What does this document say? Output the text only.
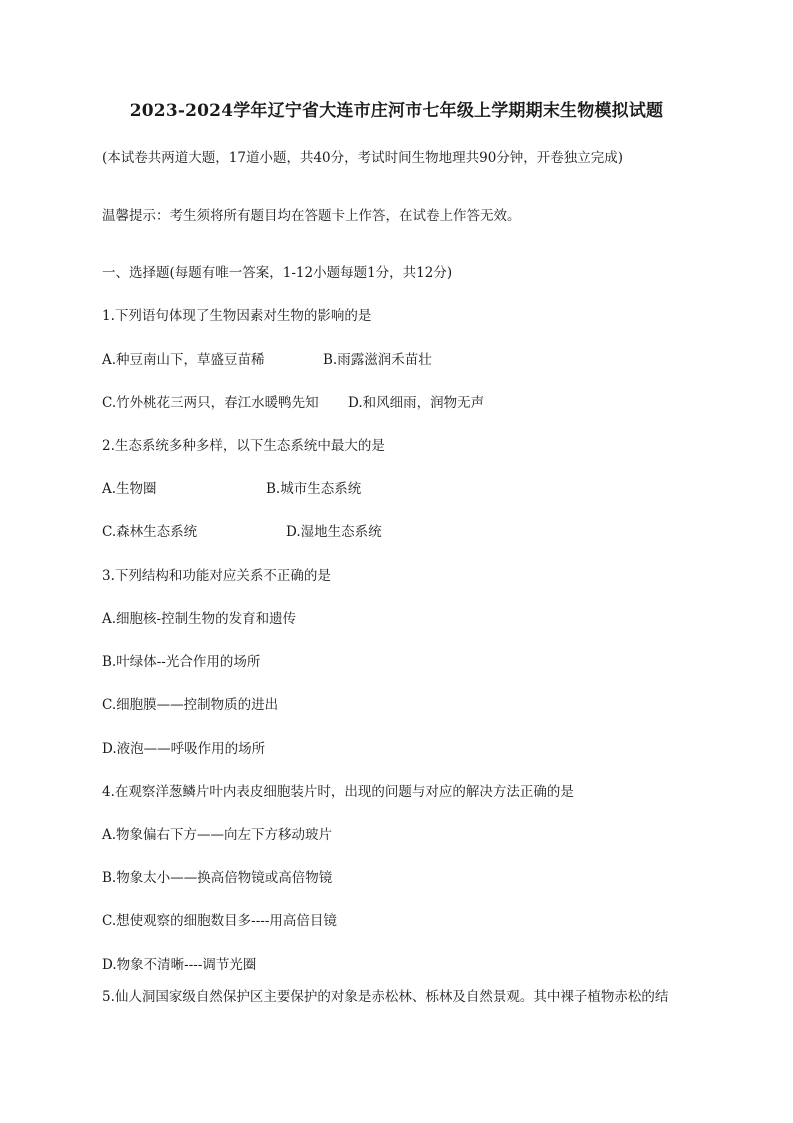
2023-2024学年辽宁省大连市庄河市七年级上学期期末生物模拟试题
(本试卷共两道大题，17道小题，共40分，考试时间生物地理共90分钟，开卷独立完成)
温馨提示：考生须将所有题目均在答题卡上作答，在试卷上作答无效。
一、选择题(每题有唯一答案，1-12小题每题1分，共12分)
1.下列语句体现了生物因素对生物的影响的是
A.种豆南山下，草盛豆苗稀	B.雨露滋润禾苗壮
C.竹外桃花三两只，春江水暖鸭先知 D.和风细雨，润物无声
2.生态系统多种多样，以下生态系统中最大的是
A.生物圈	B.城市生态系统
C.森林生态系统	D.湿地生态系统
3.下列结构和功能对应关系不正确的是
A.细胞核-控制生物的发育和遗传
B.叶绿体--光合作用的场所
C.细胞膜——控制物质的进出
D.液泡——呼吸作用的场所
4.在观察洋葱鳞片叶内表皮细胞装片时，出现的问题与对应的解决方法正确的是
A.物象偏右下方——向左下方移动玻片
B.物象太小——换高倍物镜或高倍物镜
C.想使观察的细胞数目多----用高倍目镜
D.物象不清晰----调节光圈
5.仙人洞国家级自然保护区主要保护的对象是赤松林、栎林及自然景观。其中裸子植物赤松的结
